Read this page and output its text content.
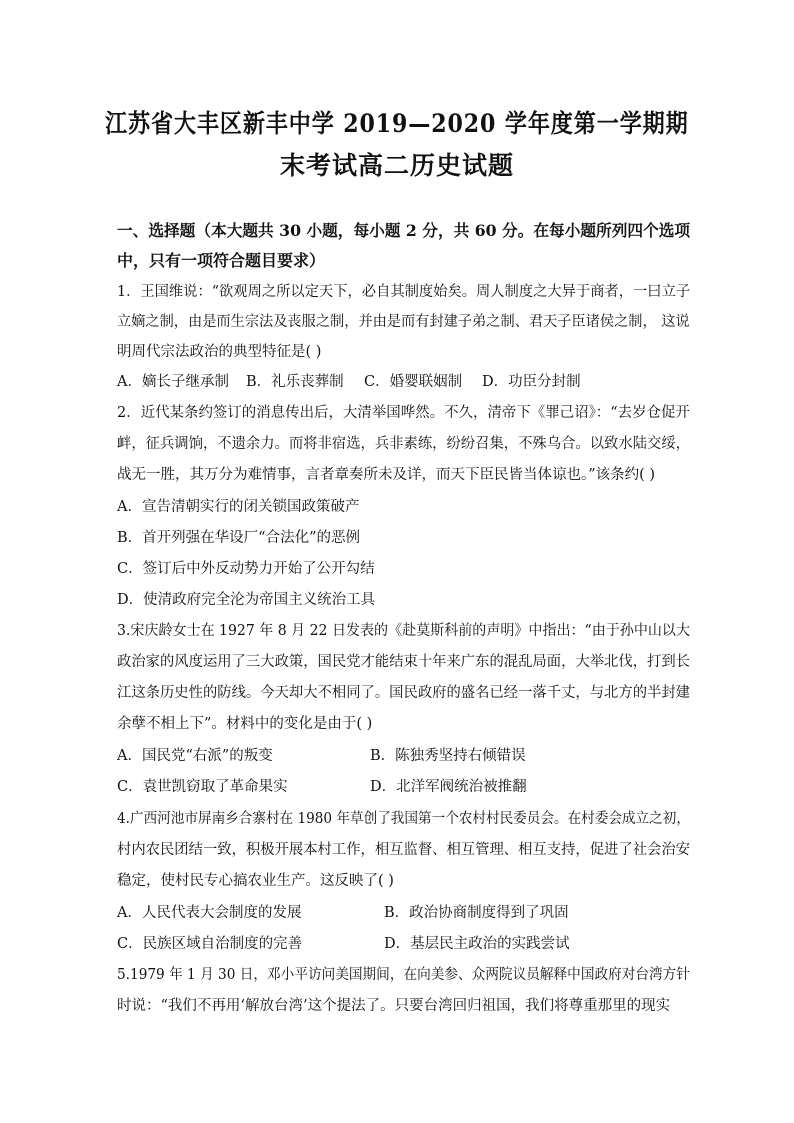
江苏省大丰区新丰中学 2019—2020 学年度第一学期期
末考试高二历史试题
一、选择题（本大题共 30 小题，每小题 2 分，共 60 分。在每小题所列四个选项
中，只有一项符合题目要求）
1．王国维说：“欲观周之所以定天下，必自其制度始矣。周人制度之大异于商者，一曰立子
立嫡之制，由是而生宗法及丧服之制，并由是而有封建子弟之制、君天子臣诸侯之制， 这说
明周代宗法政治的典型特征是( )
A．嫡长子继承制 B．礼乐丧葬制 C．婚婴联姻制 D．功臣分封制
2．近代某条约签订的消息传出后，大清举国哗然。不久，清帝下《罪己诏》：“去岁仓促开
衅，征兵调饷，不遗余力。而将非宿选，兵非素练，纷纷召集，不殊乌合。以致水陆交绥，
战无一胜，其万分为难情事，言者章奏所未及详，而天下臣民皆当体谅也。”该条约( )
A．宣告清朝实行的闭关锁国政策破产
B．首开列强在华设厂“合法化”的恶例
C．签订后中外反动势力开始了公开勾结
D．使清政府完全沦为帝国主义统治工具
3.宋庆龄女士在 1927 年 8 月 22 日发表的《赴莫斯科前的声明》中指出：“由于孙中山以大
政治家的风度运用了三大政策，国民党才能结束十年来广东的混乱局面，大举北伐，打到长
江这条历史性的防线。今天却大不相同了。国民政府的盛名已经一落千丈，与北方的半封建
余孽不相上下”。材料中的变化是由于( )
A．国民党“右派”的叛变	B．陈独秀坚持右倾错误
C．袁世凯窃取了革命果实	D．北洋军阀统治被推翻
4.广西河池市屏南乡合寨村在 1980 年草创了我国第一个农村村民委员会。在村委会成立之初，
村内农民团结一致，积极开展本村工作，相互监督、相互管理、相互支持，促进了社会治安
稳定，使村民专心搞农业生产。这反映了( )
A．人民代表大会制度的发展	B．政治协商制度得到了巩固
C．民族区域自治制度的完善	D．基层民主政治的实践尝试
5.1979 年 1 月 30 日，邓小平访问美国期间，在向美参、众两院议员解释中国政府对台湾方针
时说：“我们不再用‘解放台湾’这个提法了。只要台湾回归祖国，我们将尊重那里的现实
